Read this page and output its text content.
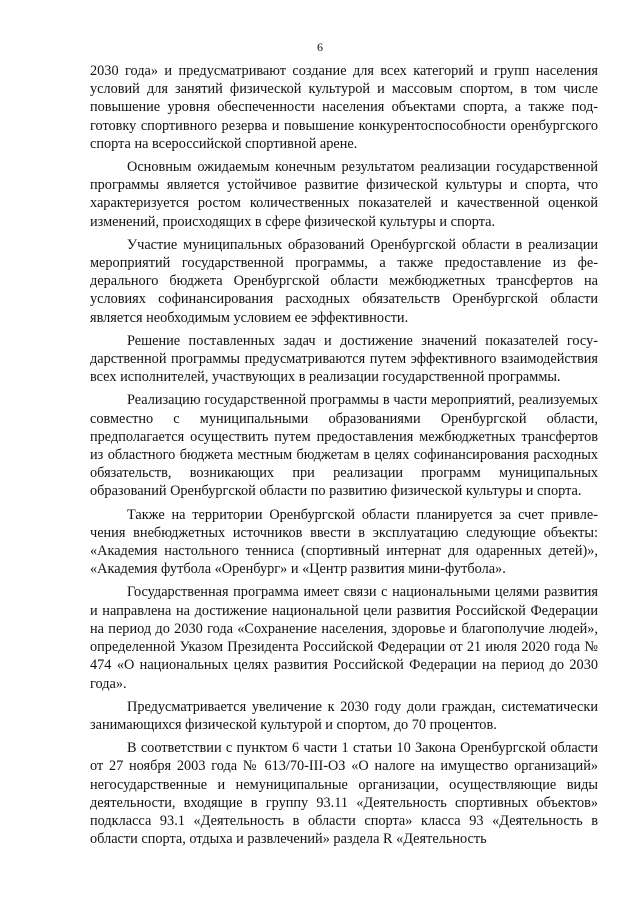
6

2030 года» и предусматривают создание для всех категорий и групп населения условий для занятий физической культурой и массовым спортом, в том числе повышение уровня обеспеченности населения объектами спорта, а также подготовку спортивного резерва и повышение конкурентоспособности оренбургского спорта на всероссийской спортивной арене.

Основным ожидаемым конечным результатом реализации государственной программы является устойчивое развитие физической культуры и спорта, что характеризуется ростом количественных показателей и качественной оценкой изменений, происходящих в сфере физической культуры и спорта.

Участие муниципальных образований Оренбургской области в реализации мероприятий государственной программы, а также предоставление из федерального бюджета Оренбургской области межбюджетных трансфертов на условиях софинансирования расходных обязательств Оренбургской области является необходимым условием ее эффективности.

Решение поставленных задач и достижение значений показателей государственной программы предусматриваются путем эффективного взаимодействия всех исполнителей, участвующих в реализации государственной программы.

Реализацию государственной программы в части мероприятий, реализуемых совместно с муниципальными образованиями Оренбургской области, предполагается осуществить путем предоставления межбюджетных трансфертов из областного бюджета местным бюджетам в целях софинансирования расходных обязательств, возникающих при реализации программ муниципальных образований Оренбургской области по развитию физической культуры и спорта.

Также на территории Оренбургской области планируется за счет привлечения внебюджетных источников ввести в эксплуатацию следующие объекты: «Академия настольного тенниса (спортивный интернат для одаренных детей)», «Академия футбола «Оренбург» и «Центр развития мини-футбола».

Государственная программа имеет связи с национальными целями развития и направлена на достижение национальной цели развития Российской Федерации на период до 2030 года «Сохранение населения, здоровье и благополучие людей», определенной Указом Президента Российской Федерации от 21 июля 2020 года № 474 «О национальных целях развития Российской Федерации на период до 2030 года».

Предусматривается увеличение к 2030 году доли граждан, систематически занимающихся физической культурой и спортом, до 70 процентов.

В соответствии с пунктом 6 части 1 статьи 10 Закона Оренбургской области от 27 ноября 2003 года № 613/70-III-ОЗ «О налоге на имущество организаций» негосударственные и немуниципальные организации, осуществляющие виды деятельности, входящие в группу 93.11 «Деятельность спортивных объектов» подкласса 93.1 «Деятельность в области спорта» класса 93 «Деятельность в области спорта, отдыха и развлечений» раздела R «Деятельность
